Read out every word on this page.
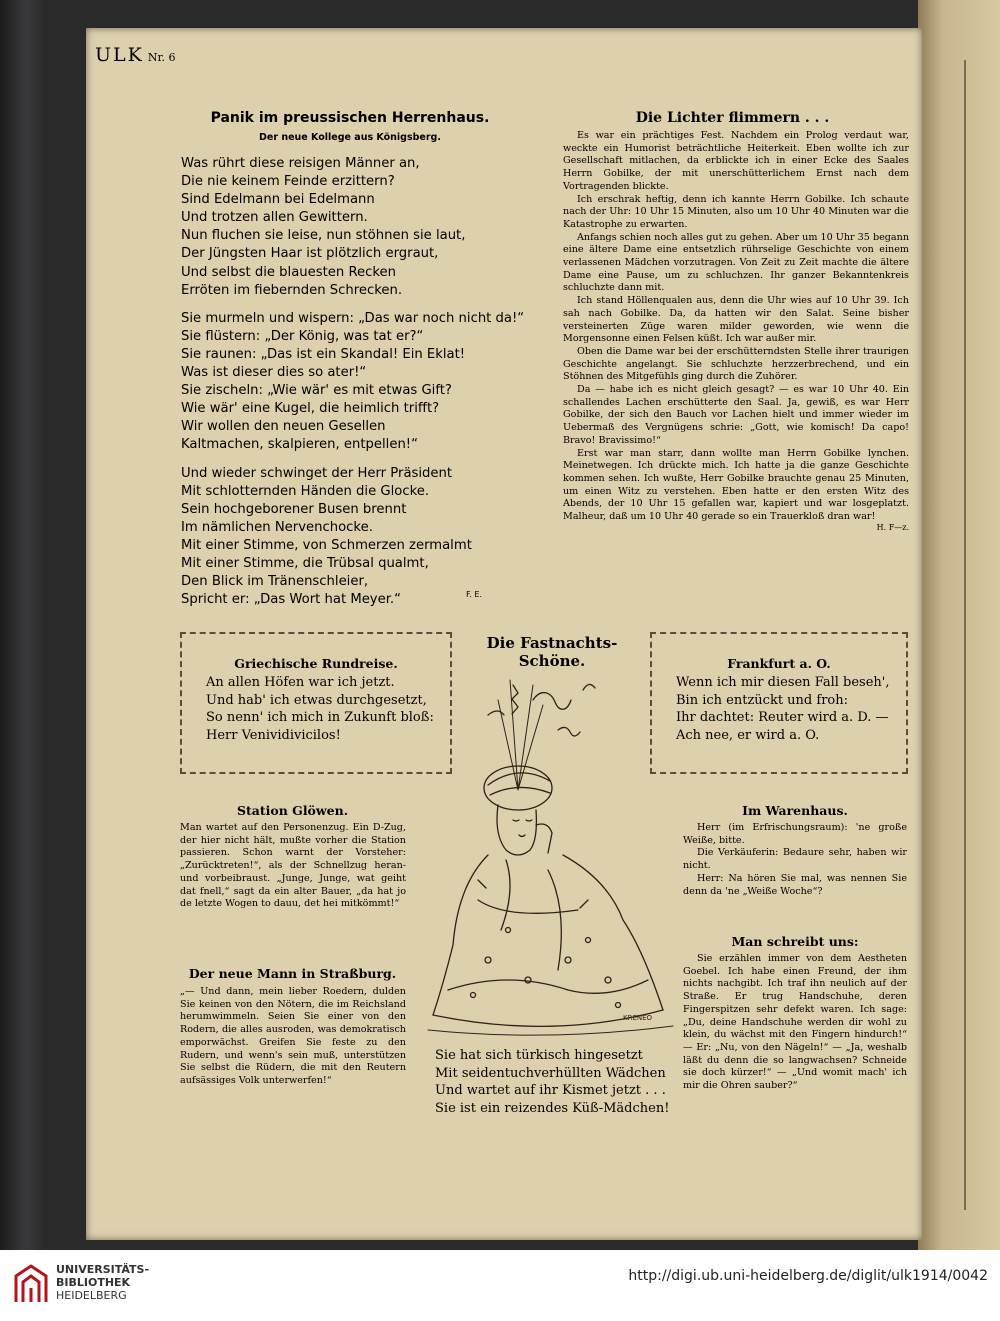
ULK Nr. 6
Panik im preussischen Herrenhaus.
Der neue Kollege aus Königsberg.
Was rührt diese reisigen Männer an,
Die nie keinem Feinde erzittern?
Sind Edelmann bei Edelmann
Und trotzen allen Gewittern.
Nun fluchen sie leise, nun stöhnen sie laut,
Der Jüngsten Haar ist plötzlich ergraut,
Und selbst die blauesten Recken
Erröten im fiebernden Schrecken.
Sie murmeln und wispern: „Das war noch nicht da!“
Sie flüstern: „Der König, was tat er?“
Sie raunen: „Das ist ein Skandal! Ein Eklat!
Was ist dieser dies so ater!“
Sie zischeln: „Wie wär' es mit etwas Gift?
Wie wär' eine Kugel, die heimlich trifft?
Wir wollen den neuen Gesellen
Kaltmachen, skalpieren, entpellen!“
Und wieder schwinget der Herr Präsident
Mit schlotternden Händen die Glocke.
Sein hochgeborener Busen brennt
Im nämlichen Nervenchocke.
Mit einer Stimme, von Schmerzen zermalmt
Mit einer Stimme, die Trübsal qualmt,
Den Blick im Tränenschleier,
Spricht er: „Das Wort hat Meyer.“	F. E.
Die Lichter flimmern . . .

Es war ein prächtiges Fest. Nachdem ein Prolog verdaut war, weckte ein Humorist beträchtliche Heiterkeit. Eben wollte ich zur Gesellschaft mitlachen, da erblickte ich in einer Ecke des Saales Herrn Gobilke, der mit unerschütterlichem Ernst nach dem Vortragenden blickte.

Ich erschrak heftig, denn ich kannte Herrn Gobilke. Ich schaute nach der Uhr: 10 Uhr 15 Minuten, also um 10 Uhr 40 Minuten war die Katastrophe zu erwarten.

Anfangs schien noch alles gut zu gehen. Aber um 10 Uhr 35 begann eine ältere Dame eine entsetzlich rührselige Geschichte von einem verlassenen Mädchen vorzutragen. Von Zeit zu Zeit machte die ältere Dame eine Pause, um zu schluchzen. Ihr ganzer Bekanntenkreis schluchzte dann mit.

Ich stand Höllenqualen aus, denn die Uhr wies auf 10 Uhr 39. Ich sah nach Gobilke. Da, da hatten wir den Salat. Seine bisher versteinerten Züge waren milder geworden, wie wenn die Morgensonne einen Felsen küßt. Ich war außer mir.

Oben die Dame war bei der erschütterndsten Stelle ihrer traurigen Geschichte angelangt. Sie schluchzte herzzerbrechend, und ein Stöhnen des Mitgefühls ging durch die Zuhörer.

Da — habe ich es nicht gleich gesagt? — es war 10 Uhr 40. Ein schallendes Lachen erschütterte den Saal. Ja, gewiß, es war Herr Gobilke, der sich den Bauch vor Lachen hielt und immer wieder im Uebermaß des Vergnügens schrie: „Gott, wie komisch! Da capo! Bravo! Bravissimo!“

Erst war man starr, dann wollte man Herrn Gobilke lynchen. Meinetwegen. Ich drückte mich. Ich hatte ja die ganze Geschichte kommen sehen. Ich wußte, Herr Gobilke brauchte genau 25 Minuten, um einen Witz zu verstehen. Eben hatte er den ersten Witz des Abends, der 10 Uhr 15 gefallen war, kapiert und war losgeplatzt. Malheur, daß um 10 Uhr 40 gerade so ein Trauerkloß dran war!

H. F—z.
Griechische Rundreise.
An allen Höfen war ich jetzt.
Und hab' ich etwas durchgesetzt,
So nenn' ich mich in Zukunft bloß:
Herr Venividivicilos!
Die Fastnachts-Schöne.
KRENEO
Sie hat sich türkisch hingesetzt
Mit seidentuchverhüllten Wädchen
Und wartet auf ihr Kismet jetzt . . .
Sie ist ein reizendes Küß-Mädchen!
Frankfurt a. O.
Wenn ich mir diesen Fall beseh',
Bin ich entzückt und froh:
Ihr dachtet: Reuter wird a. D. —
Ach nee, er wird a. O.
Station Glöwen.

Man wartet auf den Personenzug. Ein D-Zug, der hier nicht hält, mußte vorher die Station passieren. Schon warnt der Vorsteher: „Zurücktreten!“, als der Schnellzug heran- und vorbeibraust. „Junge, Junge, wat geiht dat fnell,“ sagt da ein alter Bauer, „da hat jo de letzte Wogen to dauu, det hei mitkömmt!“

Der neue Mann in Straßburg.

„— Und dann, mein lieber Roedern, dulden Sie keinen von den Nötern, die im Reichsland herumwimmeln. Seien Sie einer von den Rodern, die alles ausroden, was demokratisch emporwächst. Greifen Sie feste zu den Rudern, und wenn's sein muß, unterstützen Sie selbst die Rüdern, die mit den Reutern aufsässiges Volk unterwerfen!“

Im Warenhaus.

Herr (im Erfrischungsraum): 'ne große Weiße, bitte.

Die Verkäuferin: Bedaure sehr, haben wir nicht.

Herr: Na hören Sie mal, was nennen Sie denn da 'ne „Weiße Woche“?

Man schreibt uns:

Sie erzählen immer von dem Aestheten Goebel. Ich habe einen Freund, der ihm nichts nachgibt. Ich traf ihn neulich auf der Straße. Er trug Handschuhe, deren Fingerspitzen sehr defekt waren. Ich sage: „Du, deine Handschuhe werden dir wohl zu klein, du wächst mit den Fingern hindurch!“ — Er: „Nu, von den Nägeln!“ — „Ja, weshalb läßt du denn die so langwachsen? Schneide sie doch kürzer!“ — „Und womit mach' ich mir die Ohren sauber?“

UNIVERSITÄTS-
BIBLIOTHEK
HEIDELBERG
http://digi.ub.uni-heidelberg.de/diglit/ulk1914/0042
